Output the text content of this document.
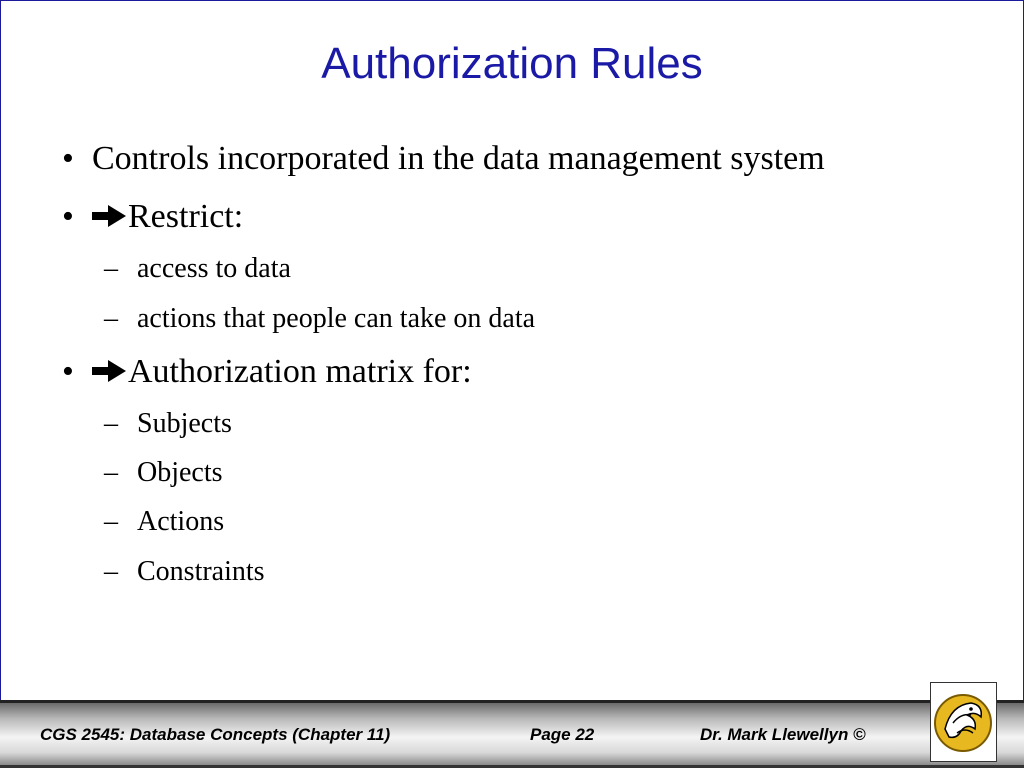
Authorization Rules
• Controls incorporated in the data management system
•	Restrict:
– access to data
– actions that people can take on data
•	Authorization matrix for:
– Subjects
– Objects
– Actions
– Constraints
CGS 2545: Database Concepts (Chapter 11)	Page 22	Dr. Mark Llewellyn ©
